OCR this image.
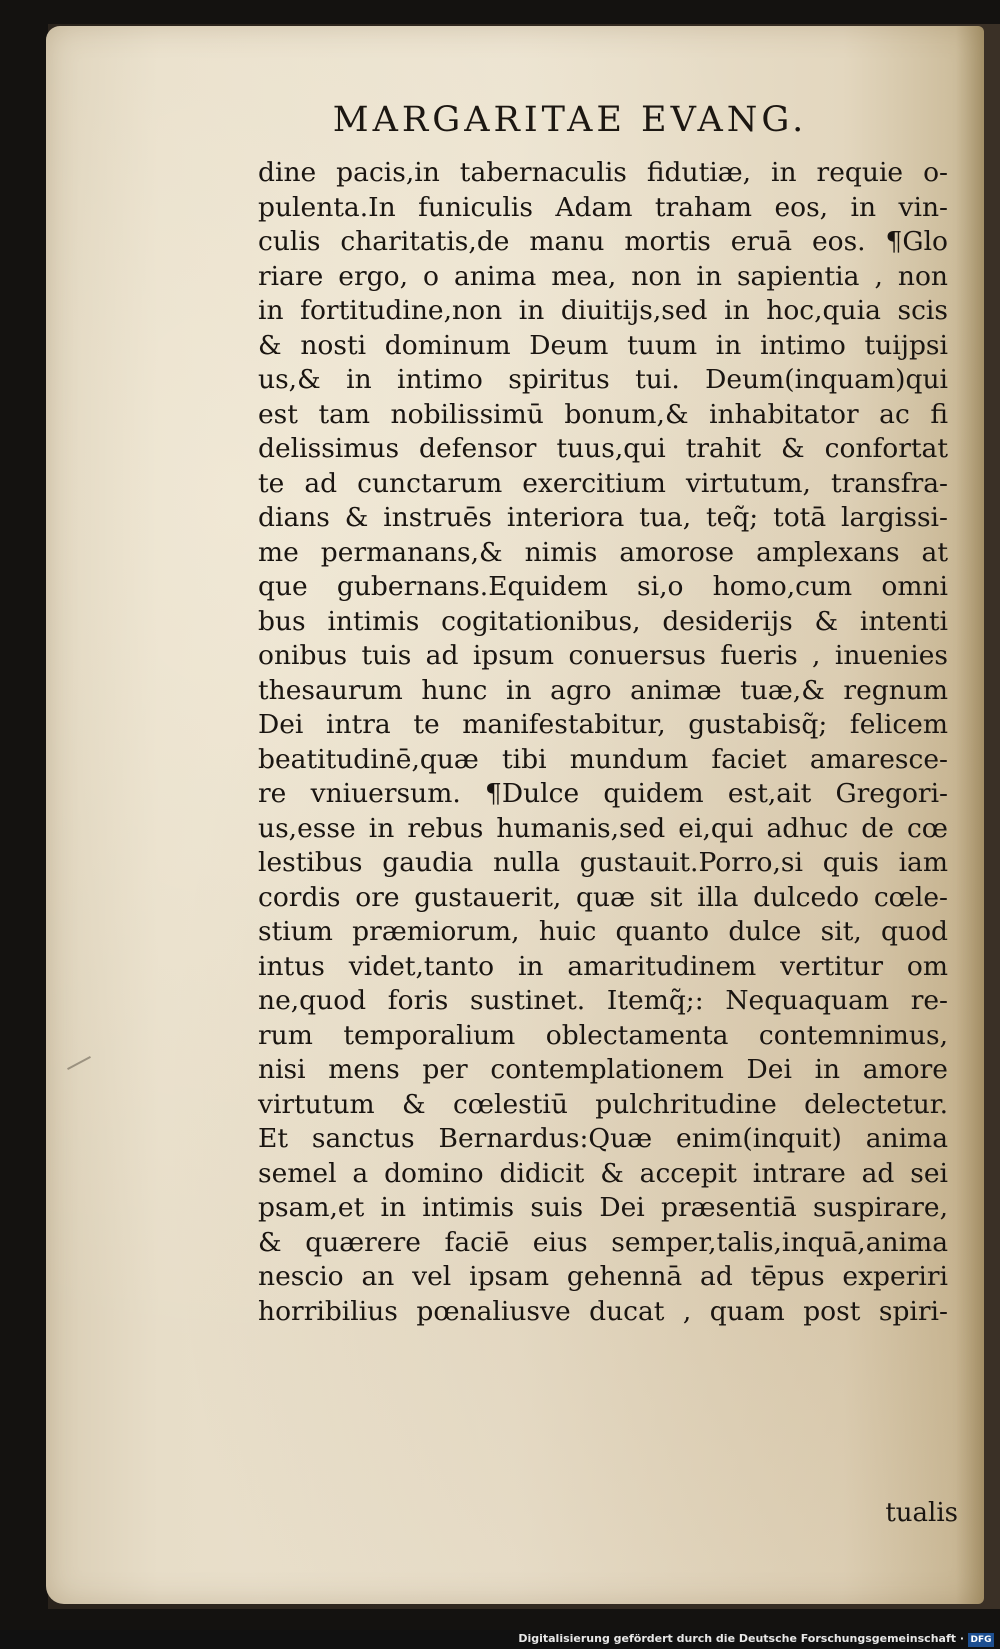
MARGARITAE EVANG.
dine pacis,in tabernaculis fidutiæ, in requie o-
pulenta.In funiculis Adam traham eos, in vin-
culis charitatis,de manu mortis eruā eos. ¶Glo
riare ergo, o anima mea, non in sapientia , non
in fortitudine,non in diuitijs,sed in hoc,quia scis
& nosti dominum Deum tuum in intimo tuijpsi
us,& in intimo spiritus tui. Deum(inquam)qui
est tam nobilissimū bonum,& inhabitator ac fi
delissimus defensor tuus,qui trahit & confortat
te ad cunctarum exercitium virtutum, transfra-
dians & instruēs interiora tua, teq̃; totā largissi-
me permanans,& nimis amorose amplexans at
que gubernans.Equidem si,o homo,cum omni
bus intimis cogitationibus, desiderijs & intenti
onibus tuis ad ipsum conuersus fueris , inuenies
thesaurum hunc in agro animæ tuæ,& regnum
Dei intra te manifestabitur, gustabisq̃; felicem
beatitudinē,quæ tibi mundum faciet amaresce-
re vniuersum. ¶Dulce quidem est,ait Gregori-
us,esse in rebus humanis,sed ei,qui adhuc de cœ
lestibus gaudia nulla gustauit.Porro,si quis iam
cordis ore gustauerit, quæ sit illa dulcedo cœle-
stium præmiorum, huic quanto dulce sit, quod
intus videt,tanto in amaritudinem vertitur om
ne,quod foris sustinet. Itemq̃;: Nequaquam re-
rum temporalium oblectamenta contemnimus,
nisi mens per contemplationem Dei in amore
virtutum & cœlestiū pulchritudine delectetur.
Et sanctus Bernardus:Quæ enim(inquit) anima
semel a domino didicit & accepit intrare ad sei
psam,et in intimis suis Dei præsentiā suspirare,
& quærere faciē eius semper,talis,inquā,anima
nescio an vel ipsam gehennā ad tēpus experiri
horribilius pœnaliusve ducat , quam post spiri-
tualis
Digitalisierung gefördert durch die Deutsche Forschungsgemeinschaft · DFG
